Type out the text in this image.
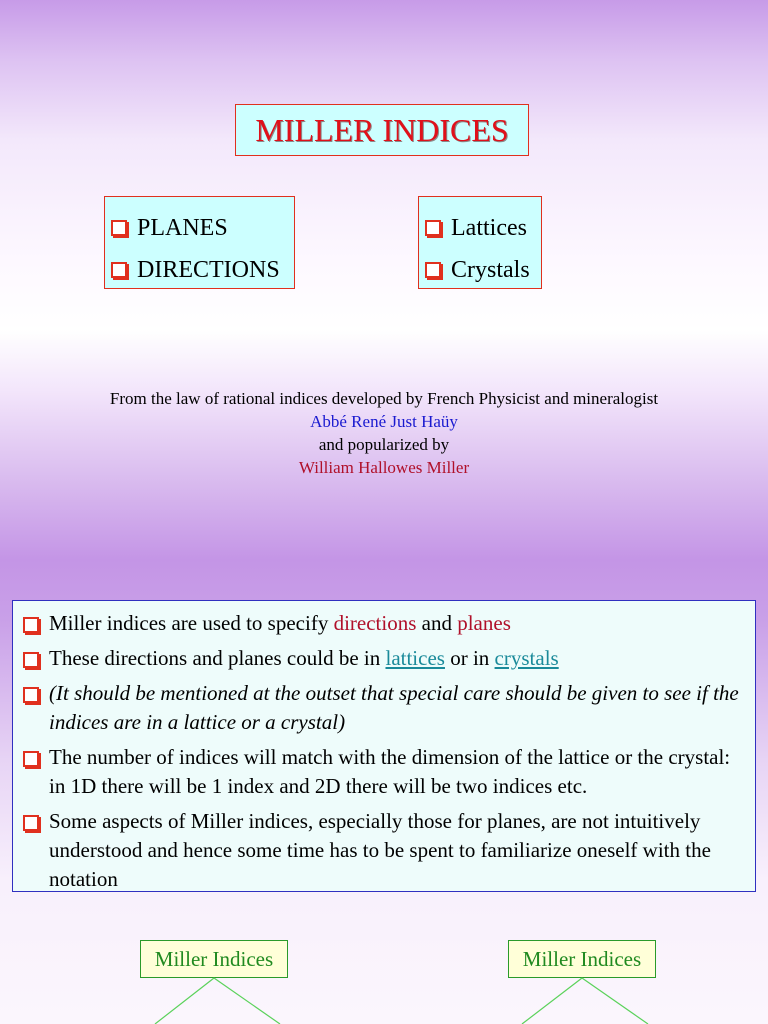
MILLER INDICES
PLANES
DIRECTIONS
Lattices
Crystals
From the law of rational indices developed by French Physicist and mineralogist
Abbé René Just Haüy
and popularized by
William Hallowes Miller
Miller indices are used to specify directions and planes
These directions and planes could be in lattices or in crystals
(It should be mentioned at the outset that special care should be given to see if the indices are in a lattice or a crystal)
The number of indices will match with the dimension of the lattice or the crystal: in 1D there will be 1 index and 2D there will be two indices etc.
Some aspects of Miller indices, especially those for planes, are not intuitively understood and hence some time has to be spent to familiarize oneself with the notation
Miller Indices	Miller Indices
